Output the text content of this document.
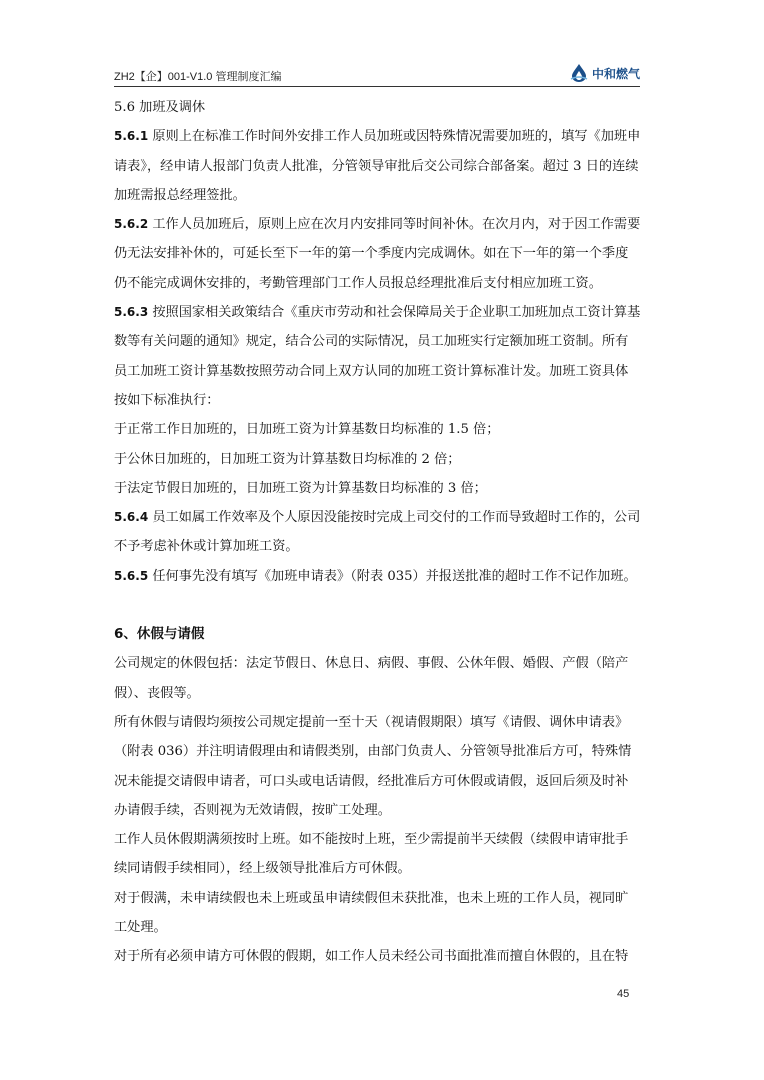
ZH2【企】001-V1.0 管理制度汇编	中和燃气

5.6 加班及调休

5.6.1 原则上在标准工作时间外安排工作人员加班或因特殊情况需要加班的，填写《加班申

请表》，经申请人报部门负责人批准，分管领导审批后交公司综合部备案。超过 3 日的连续

加班需报总经理签批。

5.6.2 工作人员加班后，原则上应在次月内安排同等时间补休。在次月内，对于因工作需要

仍无法安排补休的，可延长至下一年的第一个季度内完成调休。如在下一年的第一个季度

仍不能完成调休安排的，考勤管理部门工作人员报总经理批准后支付相应加班工资。

5.6.3 按照国家相关政策结合《重庆市劳动和社会保障局关于企业职工加班加点工资计算基

数等有关问题的通知》规定，结合公司的实际情况，员工加班实行定额加班工资制。所有

员工加班工资计算基数按照劳动合同上双方认同的加班工资计算标准计发。加班工资具体

按如下标准执行：

于正常工作日加班的，日加班工资为计算基数日均标准的 1.5 倍；

于公休日加班的，日加班工资为计算基数日均标准的 2 倍；

于法定节假日加班的，日加班工资为计算基数日均标准的 3 倍；

5.6.4 员工如属工作效率及个人原因没能按时完成上司交付的工作而导致超时工作的，公司

不予考虑补休或计算加班工资。

5.6.5 任何事先没有填写《加班申请表》（附表 035）并报送批准的超时工作不记作加班。

6、休假与请假

公司规定的休假包括：法定节假日、休息日、病假、事假、公休年假、婚假、产假（陪产

假）、丧假等。

所有休假与请假均须按公司规定提前一至十天（视请假期限）填写《请假、调休申请表》

（附表 036）并注明请假理由和请假类别，由部门负责人、分管领导批准后方可，特殊情

况未能提交请假申请者，可口头或电话请假，经批准后方可休假或请假，返回后须及时补

办请假手续，否则视为无效请假，按旷工处理。

工作人员休假期满须按时上班。如不能按时上班，至少需提前半天续假（续假申请审批手

续同请假手续相同），经上级领导批准后方可休假。

对于假满，未申请续假也未上班或虽申请续假但未获批准，也未上班的工作人员，视同旷

工处理。

对于所有必须申请方可休假的假期，如工作人员未经公司书面批准而擅自休假的，且在特

45
